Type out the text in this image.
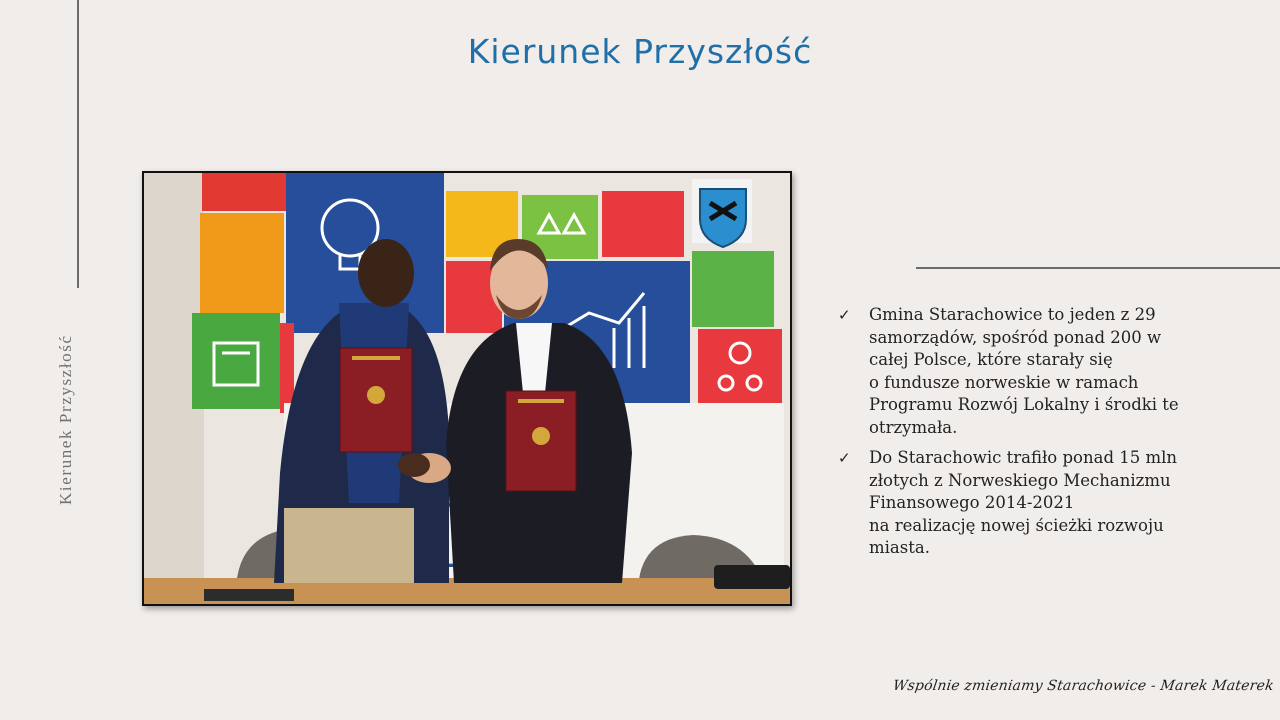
Kierunek Przyszłość
Kierunek Przyszłość
✓	Gmina Starachowice to jeden z 29
samorządów, spośród ponad 200 w
całej Polsce, które starały się
o fundusze norweskie w ramach
Programu Rozwój Lokalny i środki te
otrzymała.
✓	Do Starachowic trafiło ponad 15 mln
złotych z Norweskiego Mechanizmu
Finansowego 2014-2021
na realizację nowej ścieżki rozwoju
miasta.
Wspólnie zmieniamy Starachowice - Marek Materek
